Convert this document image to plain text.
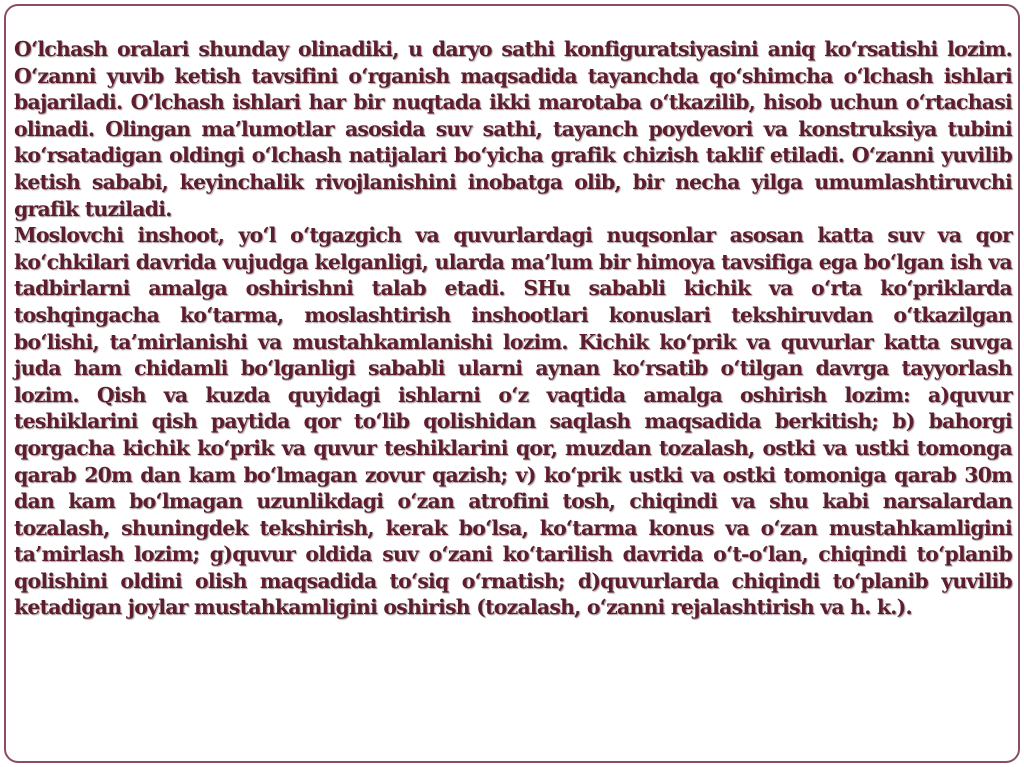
O‘lchash oralari shunday olinadiki, u daryo sathi konfiguratsiyasini aniq ko‘rsatishi lozim. O‘zanni yuvib ketish tavsifini o‘rganish maqsadida tayanchda qo‘shimcha o‘lchash ishlari bajariladi. O‘lchash ishlari har bir nuqtada ikki marotaba o‘tkazilib, hisob uchun o‘rtachasi olinadi. Olingan ma’lumotlar asosida suv sathi, tayanch poydevori va konstruksiya tubini ko‘rsatadigan oldingi o‘lchash natijalari bo‘yicha grafik chizish taklif etiladi. O‘zanni yuvilib ketish sababi, keyinchalik rivojlanishini inobatga olib, bir necha yilga umumlashtiruvchi grafik tuziladi.

Moslovchi inshoot, yo‘l o‘tgazgich va quvurlardagi nuqsonlar asosan katta suv va qor ko‘chkilari davrida vujudga kelganligi, ularda ma’lum bir himoya tavsifiga ega bo‘lgan ish va tadbirlarni amalga oshirishni talab etadi. SHu sababli kichik va o‘rta ko‘priklarda toshqingacha ko‘tarma, moslashtirish inshootlari konuslari tekshiruvdan o‘tkazilgan bo‘lishi, ta’mirlanishi va mustahkamlanishi lozim. Kichik ko‘prik va quvurlar katta suvga juda ham chidamli bo‘lganligi sababli ularni aynan ko‘rsatib o‘tilgan davrga tayyorlash lozim. Qish va kuzda quyidagi ishlarni o‘z vaqtida amalga oshirish lozim: a)quvur teshiklarini qish paytida qor to‘lib qolishidan saqlash maqsadida berkitish; b) bahorgi qorgacha kichik ko‘prik va quvur teshiklarini qor, muzdan tozalash, ostki va ustki tomonga qarab 20m dan kam bo‘lmagan zovur qazish; v) ko‘prik ustki va ostki tomoniga qarab 30m dan kam bo‘lmagan uzunlikdagi o‘zan atrofini tosh, chiqindi va shu kabi narsalardan tozalash, shuningdek tekshirish, kerak bo‘lsa, ko‘tarma konus va o‘zan mustahkamligini ta’mirlash lozim; g)quvur oldida suv o‘zani ko‘tarilish davrida o‘t-o‘lan, chiqindi to‘planib qolishini oldini olish maqsadida to‘siq o‘rnatish; d)quvurlarda chiqindi to‘planib yuvilib ketadigan joylar mustahkamligini oshirish (tozalash, o‘zanni rejalashtirish va h. k.).
